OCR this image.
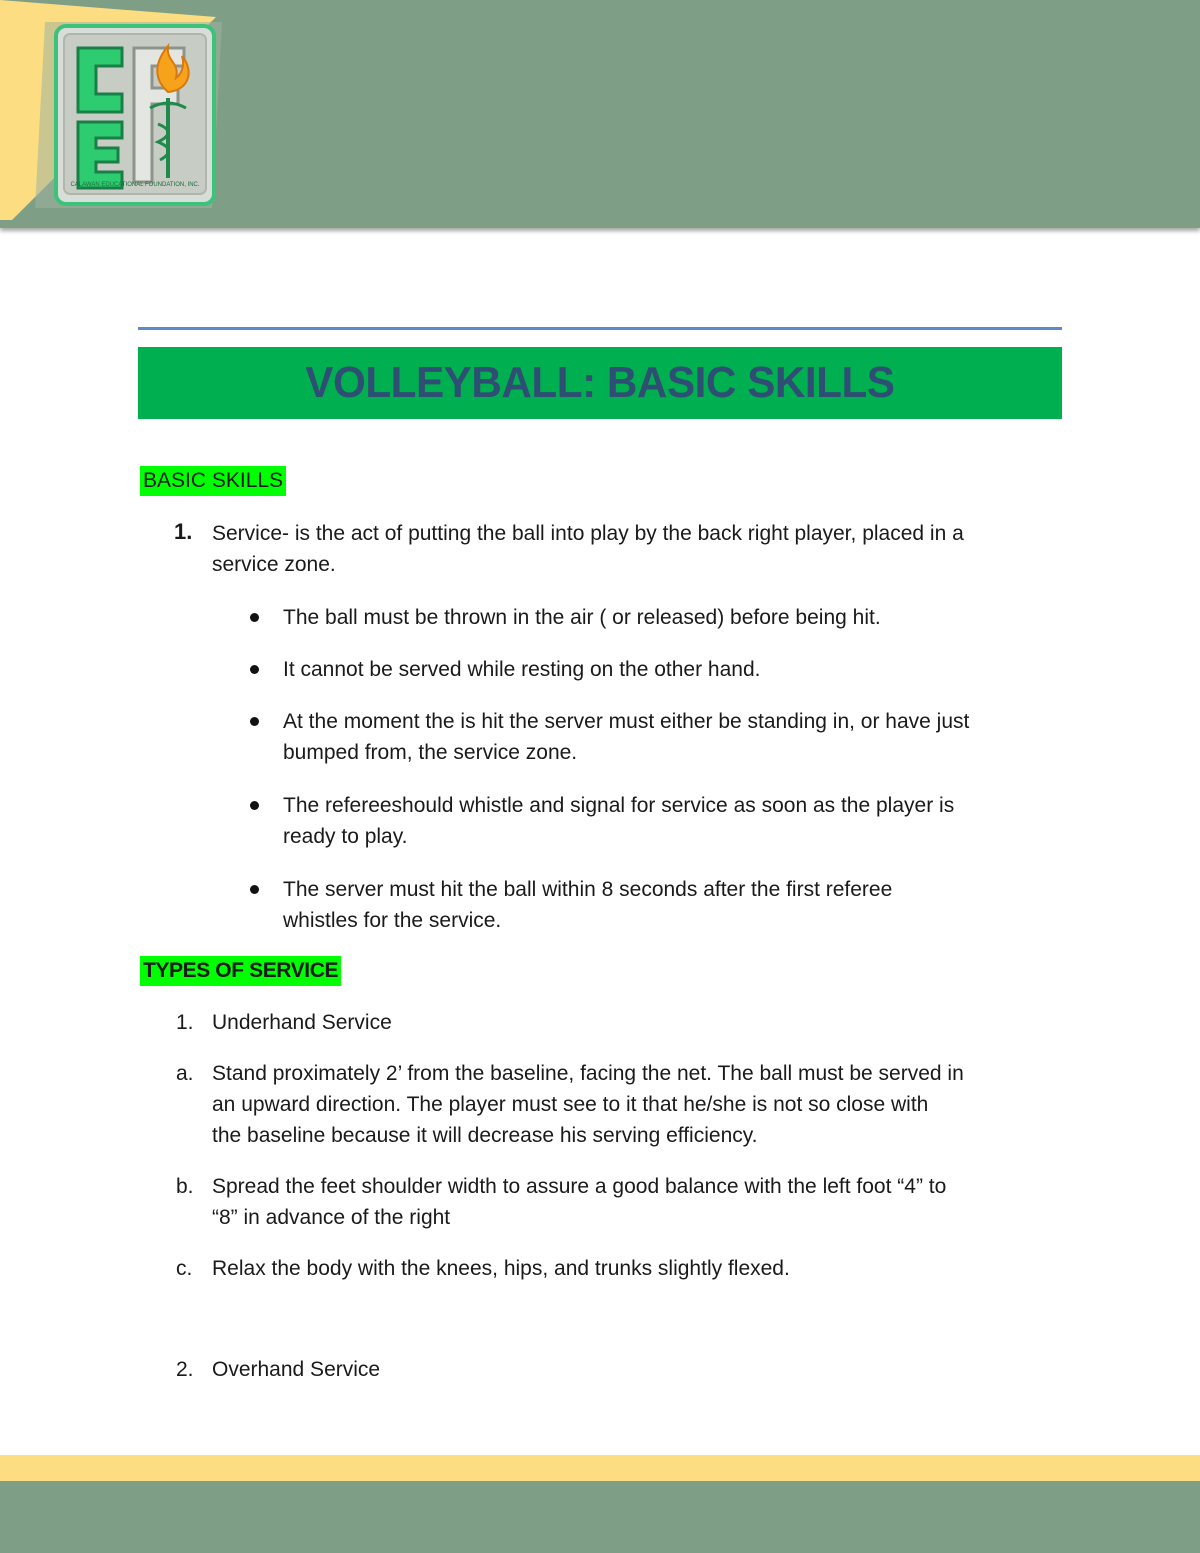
CALAWAN EDUCATIONAL FOUNDATION, INC.
VOLLEYBALL: BASIC SKILLS
BASIC SKILLS
1. Service- is the act of putting the ball into play by the back right player, placed in a
service zone.
The ball must be thrown in the air ( or released) before being hit.
It cannot be served while resting on the other hand.
At the moment the is hit the server must either be standing in, or have just
bumped from, the service zone.
The refereeshould whistle and signal for service as soon as the player is
ready to play.
The server must hit the ball within 8 seconds after the first referee
whistles for the service.
TYPES OF SERVICE
1. Underhand Service
a. Stand proximately 2’ from the baseline, facing the net. The ball must be served in
an upward direction. The player must see to it that he/she is not so close with
the baseline because it will decrease his serving efficiency.
b. Spread the feet shoulder width to assure a good balance with the left foot “4” to
“8” in advance of the right
c. Relax the body with the knees, hips, and trunks slightly flexed.
2. Overhand Service
